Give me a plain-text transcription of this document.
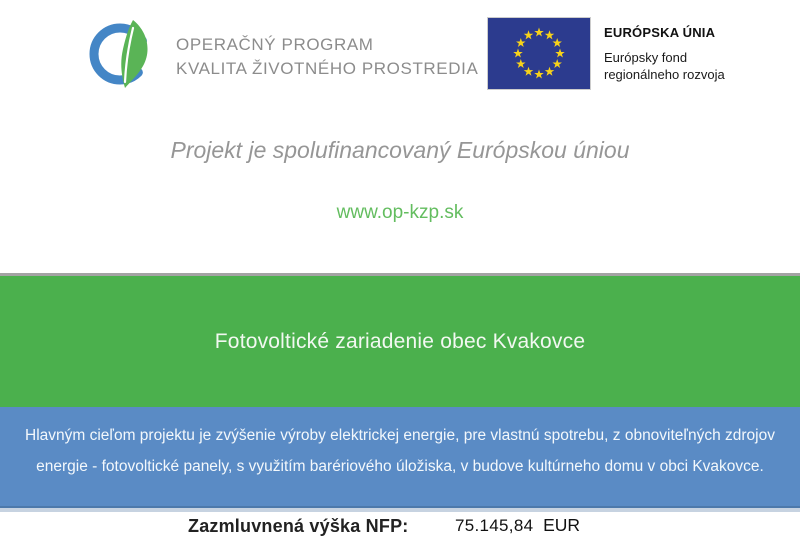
OPERAČNÝ PROGRAM
KVALITA ŽIVOTNÉHO PROSTREDIA
EURÓPSKA ÚNIA
Európsky fond
regionálneho rozvoja
Projekt je spolufinancovaný Európskou úniou
www.op-kzp.sk
Fotovoltické zariadenie obec Kvakovce
Hlavným cieľom projektu je zvýšenie výroby elektrickej energie, pre vlastnú spotrebu, z obnoviteľných zdrojov
energie - fotovoltické panely, s využitím barériového úložiska, v budove kultúrneho domu v obci Kvakovce.
Zazmluvnená výška NFP:	75.145,84 EUR
